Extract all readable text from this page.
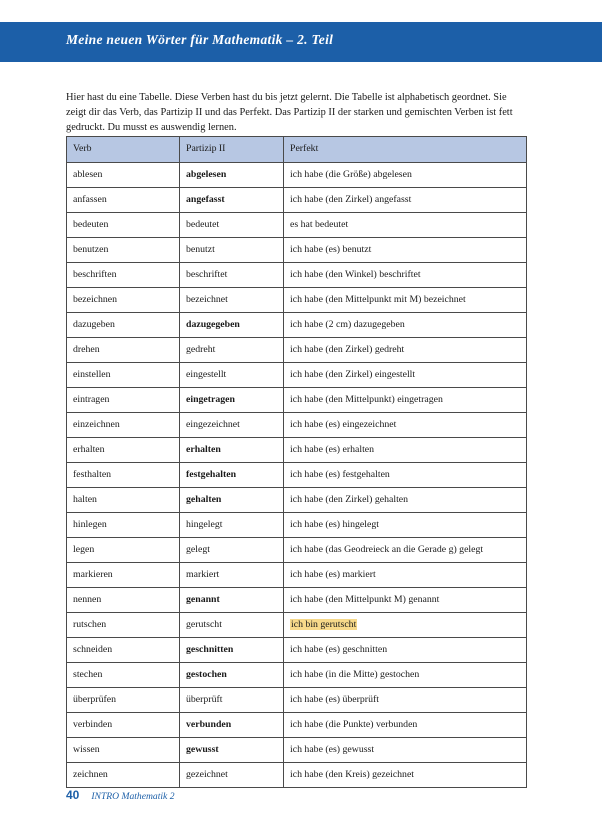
Meine neuen Wörter für Mathematik – 2. Teil

Hier hast du eine Tabelle. Diese Verben hast du bis jetzt gelernt. Die Tabelle ist alphabetisch geordnet. Sie zeigt dir das Verb, das Partizip II und das Perfekt. Das Partizip II der starken und gemischten Verben ist fett gedruckt. Du musst es auswendig lernen.

Verb	Partizip II	Perfekt
ablesen	abgelesen	ich habe (die Größe) abgelesen
anfassen	angefasst	ich habe (den Zirkel) angefasst
bedeuten	bedeutet	es hat bedeutet
benutzen	benutzt	ich habe (es) benutzt
beschriften	beschriftet	ich habe (den Winkel) beschriftet
bezeichnen	bezeichnet	ich habe (den Mittelpunkt mit M) bezeichnet
dazugeben	dazugegeben	ich habe (2 cm) dazugegeben
drehen	gedreht	ich habe (den Zirkel) gedreht
einstellen	eingestellt	ich habe (den Zirkel) eingestellt
eintragen	eingetragen	ich habe (den Mittelpunkt) eingetragen
einzeichnen	eingezeichnet	ich habe (es) eingezeichnet
erhalten	erhalten	ich habe (es) erhalten
festhalten	festgehalten	ich habe (es) festgehalten
halten	gehalten	ich habe (den Zirkel) gehalten
hinlegen	hingelegt	ich habe (es) hingelegt
legen	gelegt	ich habe (das Geodreieck an die Gerade g) gelegt
markieren	markiert	ich habe (es) markiert
nennen	genannt	ich habe (den Mittelpunkt M) genannt
rutschen	gerutscht	ich bin gerutscht
schneiden	geschnitten	ich habe (es) geschnitten
stechen	gestochen	ich habe (in die Mitte) gestochen
überprüfen	überprüft	ich habe (es) überprüft
verbinden	verbunden	ich habe (die Punkte) verbunden
wissen	gewusst	ich habe (es) gewusst
zeichnen	gezeichnet	ich habe (den Kreis) gezeichnet
40 INTRO Mathematik 2
